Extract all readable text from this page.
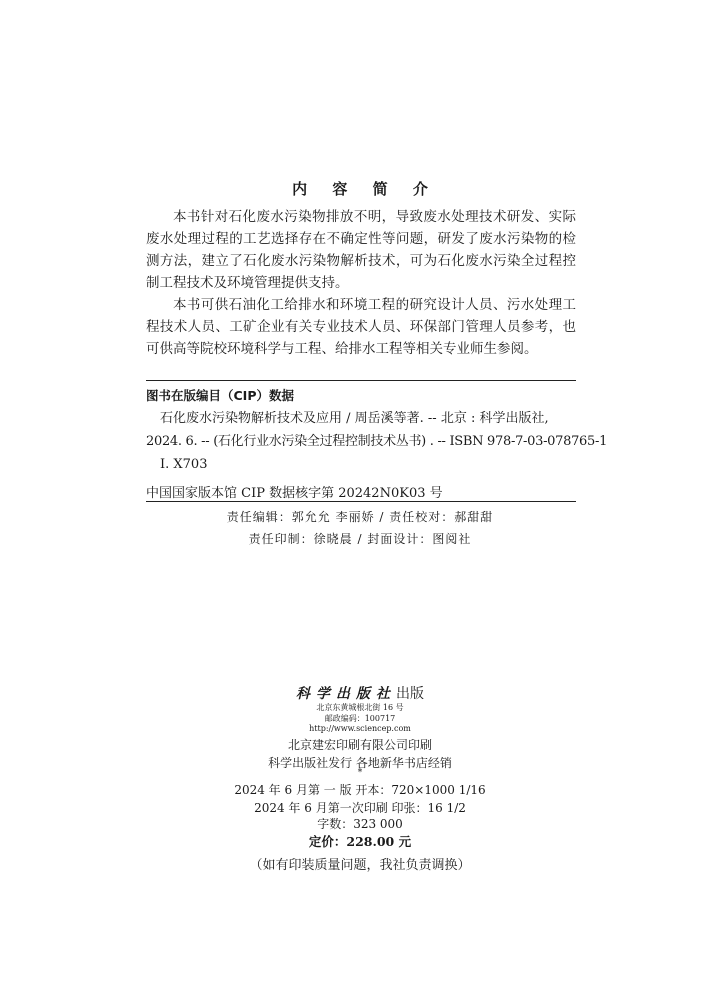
内 容 简 介

本书针对石化废水污染物排放不明，导致废水处理技术研发、实际废水处理过程的工艺选择存在不确定性等问题，研发了废水污染物的检测方法，建立了石化废水污染物解析技术，可为石化废水污染全过程控制工程技术及环境管理提供支持。

本书可供石油化工给排水和环境工程的研究设计人员、污水处理工程技术人员、工矿企业有关专业技术人员、环保部门管理人员参考，也可供高等院校环境科学与工程、给排水工程等相关专业师生参阅。

图书在版编目（CIP）数据
石化废水污染物解析技术及应用 / 周岳溪等著. -- 北京 : 科学出版社,
2024. 6. -- (石化行业水污染全过程控制技术丛书) . -- ISBN 978-7-03-078765-1
Ⅰ. X703
中国国家版本馆 CIP 数据核字第 20242N0K03 号
责任编辑：郭允允 李丽娇 / 责任校对：郝甜甜
责任印制：徐晓晨 / 封面设计：图阅社
科学出版社出版
北京东黄城根北街 16 号
邮政编码：100717
http://www.sciencep.com
北京建宏印刷有限公司印刷
科学出版社发行 各地新华书店经销
*
2024 年 6 月第 一 版 开本：720×1000 1/16
2024 年 6 月第一次印刷 印张：16 1/2
字数：323 000
定价：228.00 元
（如有印装质量问题，我社负责调换）
